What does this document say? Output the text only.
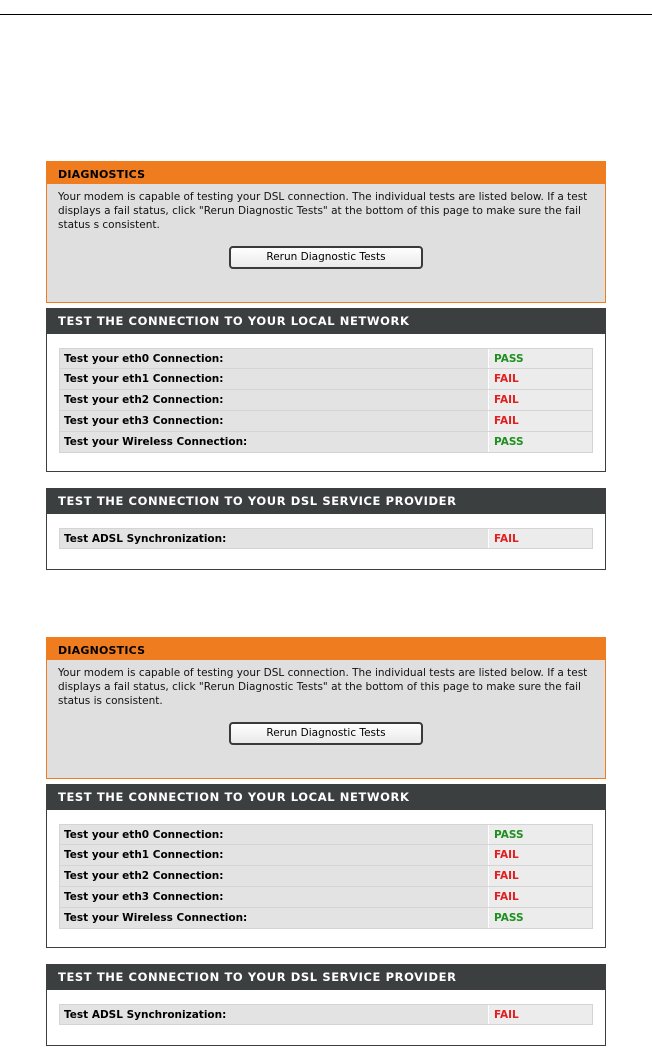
DIAGNOSTICS
Your modem is capable of testing your DSL connection. The individual tests are listed below. If a test displays a fail status, click "Rerun Diagnostic Tests" at the bottom of this page to make sure the fail status s consistent.
Rerun Diagnostic Tests
TEST THE CONNECTION TO YOUR LOCAL NETWORK
Test your eth0 Connection:	PASS
Test your eth1 Connection:	FAIL
Test your eth2 Connection:	FAIL
Test your eth3 Connection:	FAIL
Test your Wireless Connection:	PASS
TEST THE CONNECTION TO YOUR DSL SERVICE PROVIDER
Test ADSL Synchronization:	FAIL
DIAGNOSTICS
Your modem is capable of testing your DSL connection. The individual tests are listed below. If a test displays a fail status, click "Rerun Diagnostic Tests" at the bottom of this page to make sure the fail status is consistent.
Rerun Diagnostic Tests
TEST THE CONNECTION TO YOUR LOCAL NETWORK
Test your eth0 Connection:	PASS
Test your eth1 Connection:	FAIL
Test your eth2 Connection:	FAIL
Test your eth3 Connection:	FAIL
Test your Wireless Connection:	PASS
TEST THE CONNECTION TO YOUR DSL SERVICE PROVIDER
Test ADSL Synchronization:	FAIL
